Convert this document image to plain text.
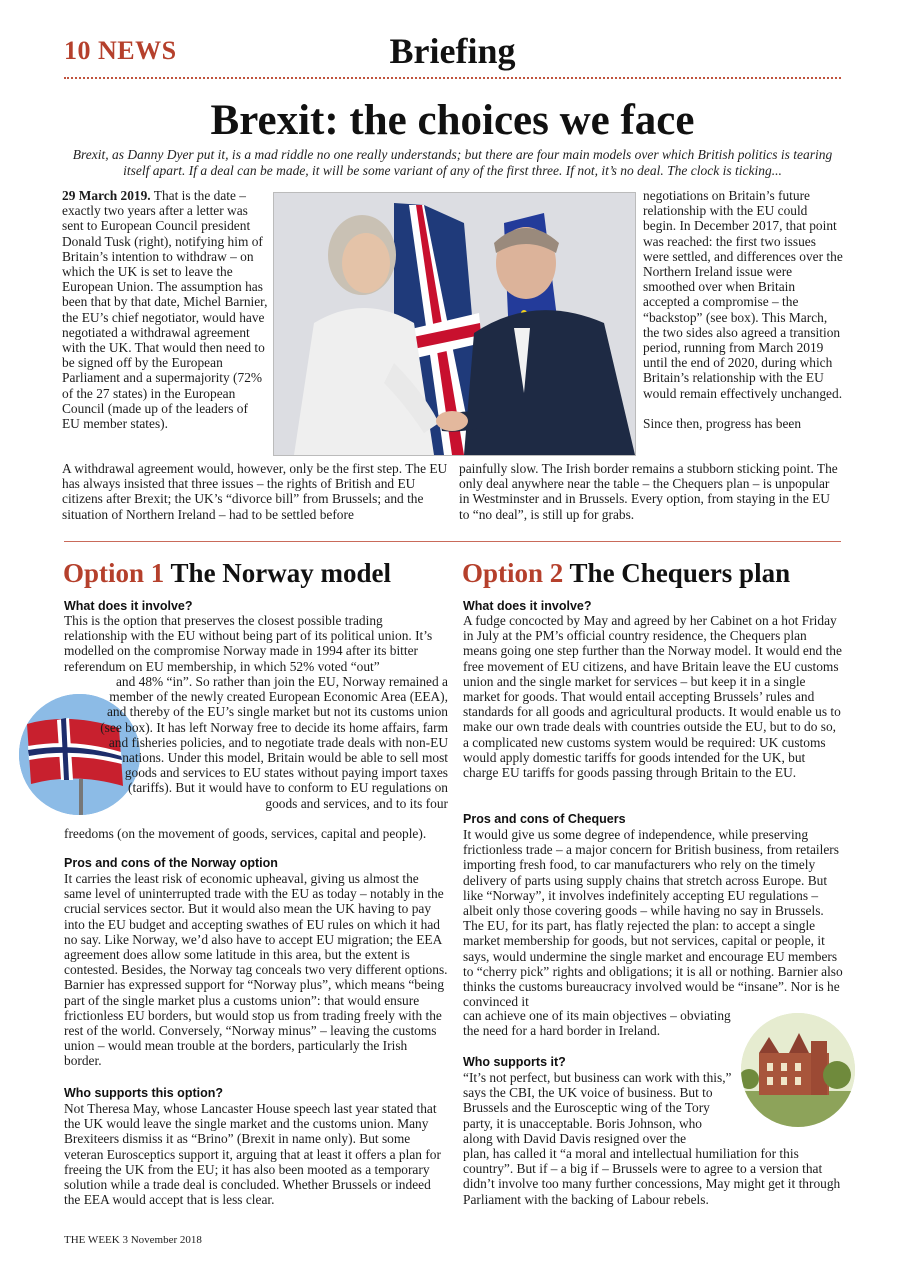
10 NEWS	Briefing
Brexit: the choices we face
Brexit, as Danny Dyer put it, is a mad riddle no one really understands; but there are four main models over which British politics is tearing itself apart. If a deal can be made, it will be some variant of any of the first three. If not, it’s no deal. The clock is ticking...

29 March 2019. That is the date – exactly two years after a letter was sent to European Council president Donald Tusk (right), notifying him of Britain’s intention to withdraw – on which the UK is set to leave the European Union. The assumption has been that by that date, Michel Barnier, the EU’s chief negotiator, would have negotiated a withdrawal agreement with the UK. That would then need to be signed off by the European Parliament and a supermajority (72% of the 27 states) in the European Council (made up of the leaders of EU member states).

negotiations on Britain’s future relationship with the EU could begin. In December 2017, that point was reached: the first two issues were settled, and differences over the Northern Ireland issue were smoothed over when Britain accepted a compromise – the “backstop” (see box). This March, the two sides also agreed a transition period, running from March 2019 until the end of 2020, during which Britain’s relationship with the EU would remain effectively unchanged.

Since then, progress has been

A withdrawal agreement would, however, only be the first step. The EU has always insisted that three issues – the rights of British and EU citizens after Brexit; the UK’s “divorce bill” from Brussels; and the situation of Northern Ireland – had to be settled before

painfully slow. The Irish border remains a stubborn sticking point. The only deal anywhere near the table – the Chequers plan – is unpopular in Westminster and in Brussels. Every option, from staying in the EU to “no deal”, is still up for grabs.

Option 1 The Norway model
What does it involve?

This is the option that preserves the closest possible trading relationship with the EU without being part of its political union. It’s modelled on the compromise Norway made in 1994 after its bitter referendum on EU membership, in which 52% voted “out”

and 48% “in”. So rather than join the EU, Norway remained a member of the newly created European Economic Area (EEA), and thereby of the EU’s single market but not its customs union (see box). It has left Norway free to decide its home affairs, farm and fisheries policies, and to negotiate trade deals with non-EU nations. Under this model, Britain would be able to sell most goods and services to EU states without paying import taxes (tariffs). But it would have to conform to EU regulations on goods and services, and to its four

freedoms (on the movement of goods, services, capital and people).

Pros and cons of the Norway option

It carries the least risk of economic upheaval, giving us almost the same level of uninterrupted trade with the EU as today – notably in the crucial services sector. But it would also mean the UK having to pay into the EU budget and accepting swathes of EU rules on which it had no say. Like Norway, we’d also have to accept EU migration; the EEA agreement does allow some latitude in this area, but the extent is contested. Besides, the Norway tag conceals two very different options. Barnier has expressed support for “Norway plus”, which means “being part of the single market plus a customs union”: that would ensure frictionless EU borders, but would stop us from trading freely with the rest of the world. Conversely, “Norway minus” – leaving the customs union – would mean trouble at the borders, particularly the Irish border.

Who supports this option?

Not Theresa May, whose Lancaster House speech last year stated that the UK would leave the single market and the customs union. Many Brexiteers dismiss it as “Brino” (Brexit in name only). But some veteran Eurosceptics support it, arguing that at least it offers a plan for freeing the UK from the EU; it has also been mooted as a temporary solution while a trade deal is concluded. Whether Brussels or indeed the EEA would accept that is less clear.

Option 2 The Chequers plan
What does it involve?

A fudge concocted by May and agreed by her Cabinet on a hot Friday in July at the PM’s official country residence, the Chequers plan means going one step further than the Norway model. It would end the free movement of EU citizens, and have Britain leave the EU customs union and the single market for services – but keep it in a single market for goods. That would entail accepting Brussels’ rules and standards for all goods and agricultural products. It would enable us to make our own trade deals with countries outside the EU, but to do so, a complicated new customs system would be required: UK customs would apply domestic tariffs for goods intended for the UK, but charge EU tariffs for goods passing through Britain to the EU.

Pros and cons of Chequers

It would give us some degree of independence, while preserving frictionless trade – a major concern for British business, from retailers importing fresh food, to car manufacturers who rely on the timely delivery of parts using supply chains that stretch across Europe. But like “Norway”, it involves indefinitely accepting EU regulations – albeit only those covering goods – while having no say in Brussels. The EU, for its part, has flatly rejected the plan: to accept a single market membership for goods, but not services, capital or people, it says, would undermine the single market and encourage EU members to “cherry pick” rights and obligations; it is all or nothing. Barnier also thinks the customs bureaucracy involved would be “insane”. Nor is he convinced it

can achieve one of its main objectives – obviating the need for a hard border in Ireland.

Who supports it?

“It’s not perfect, but business can work with this,” says the CBI, the UK voice of business. But to Brussels and the Eurosceptic wing of the Tory party, it is unacceptable. Boris Johnson, who along with David Davis resigned over the

plan, has called it “a moral and intellectual humiliation for this country”. But if – a big if – Brussels were to agree to a version that didn’t involve too many further concessions, May might get it through Parliament with the backing of Labour rebels.

THE WEEK 3 November 2018
